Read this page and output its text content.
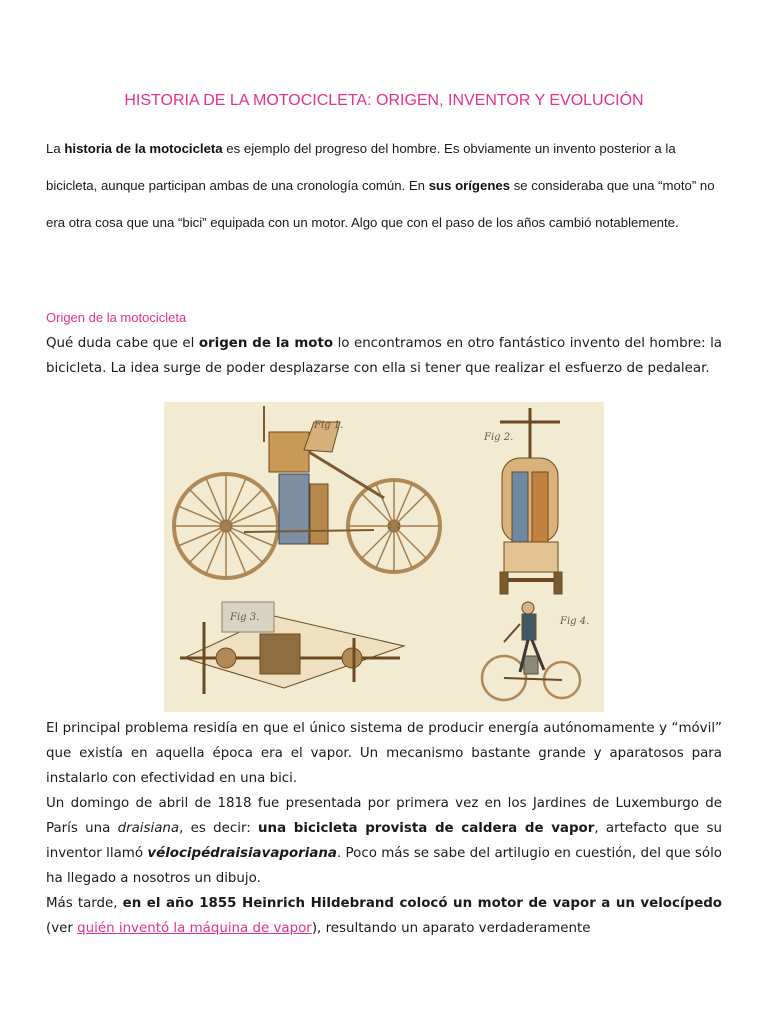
HISTORIA DE LA MOTOCICLETA: ORIGEN, INVENTOR Y EVOLUCIÓN

La historia de la motocicleta es ejemplo del progreso del hombre. Es obviamente un invento posterior a la bicicleta, aunque participan ambas de una cronología común. En sus orígenes se consideraba que una “moto” no era otra cosa que una “bici” equipada con un motor. Algo que con el paso de los años cambió notablemente.

Origen de la motocicleta

Qué duda cabe que el origen de la moto lo encontramos en otro fantástico invento del hombre: la bicicleta. La idea surge de poder desplazarse con ella si tener que realizar el esfuerzo de pedalear.

Fig 1.
Fig 2.
Fig 3.	Fig 4.

El principal problema residía en que el único sistema de producir energía autónomamente y “móvil” que existía en aquella época era el vapor. Un mecanismo bastante grande y aparatosos para instalarlo con efectividad en una bici.
Un domingo de abril de 1818 fue presentada por primera vez en los Jardines de Luxemburgo de París una draisiana, es decir: una bicicleta provista de caldera de vapor, artefacto que su inventor llamó vélocipédraisiavaporiana. Poco más se sabe del artilugio en cuestión, del que sólo ha llegado a nosotros un dibujo.
Más tarde, en el año 1855 Heinrich Hildebrand colocó un motor de vapor a un velocípedo (ver quién inventó la máquina de vapor), resultando un aparato verdaderamente
